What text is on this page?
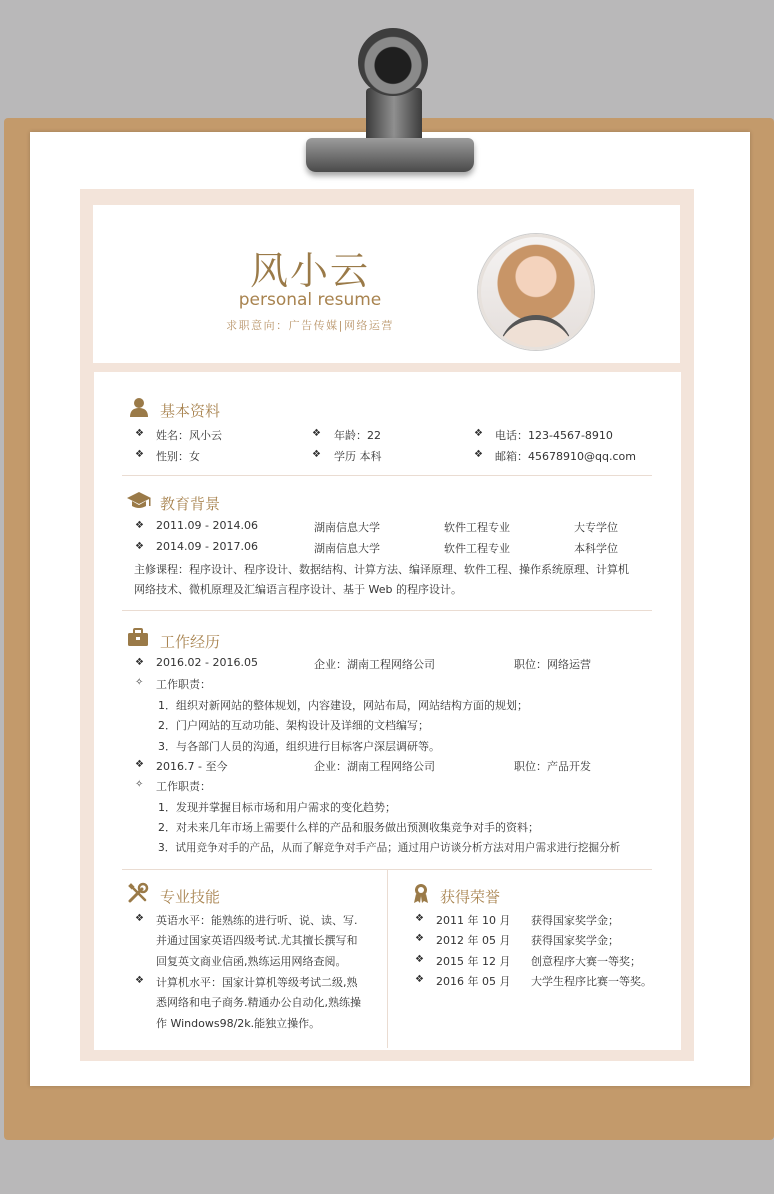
风小云
personal resume
求职意向：广告传媒|网络运营
基本资料
❖ 姓名：风小云	❖ 年龄：22	❖ 电话：123-4567-8910
❖ 性别：女	❖ 学历 本科	❖ 邮箱：45678910@qq.com
教育背景
❖ 2011.09 - 2014.06	湖南信息大学	软件工程专业	大专学位
❖ 2014.09 - 2017.06	湖南信息大学	软件工程专业	本科学位
主修课程：程序设计、程序设计、数据结构、计算方法、编译原理、软件工程、操作系统原理、计算机
网络技术、微机原理及汇编语言程序设计、基于 Web 的程序设计。
工作经历
❖ 2016.02 - 2016.05	企业：湖南工程网络公司	职位：网络运营
✧ 工作职责：
1．组织对新网站的整体规划，内容建设，网站布局，网站结构方面的规划；
2．门户网站的互动功能、架构设计及详细的文档编写；
3．与各部门人员的沟通，组织进行目标客户深层调研等。
❖ 2016.7 - 至今	企业：湖南工程网络公司	职位：产品开发
✧ 工作职责：
1．发现并掌握目标市场和用户需求的变化趋势；
2．对未来几年市场上需要什么样的产品和服务做出预测收集竞争对手的资料；
3．试用竞争对手的产品，从而了解竞争对手产品；通过用户访谈分析方法对用户需求进行挖掘分析
专业技能
❖ 英语水平：能熟练的进行听、说、读、写.
并通过国家英语四级考试.尤其擅长撰写和
回复英文商业信函,熟练运用网络查阅。
❖ 计算机水平：国家计算机等级考试二级,熟
悉网络和电子商务.精通办公自动化,熟练操
作 Windows98/2k.能独立操作。
获得荣誉
❖ 2011 年 10 月 获得国家奖学金；
❖ 2012 年 05 月 获得国家奖学金；
❖ 2015 年 12 月 创意程序大赛一等奖；
❖ 2016 年 05 月 大学生程序比赛一等奖。
